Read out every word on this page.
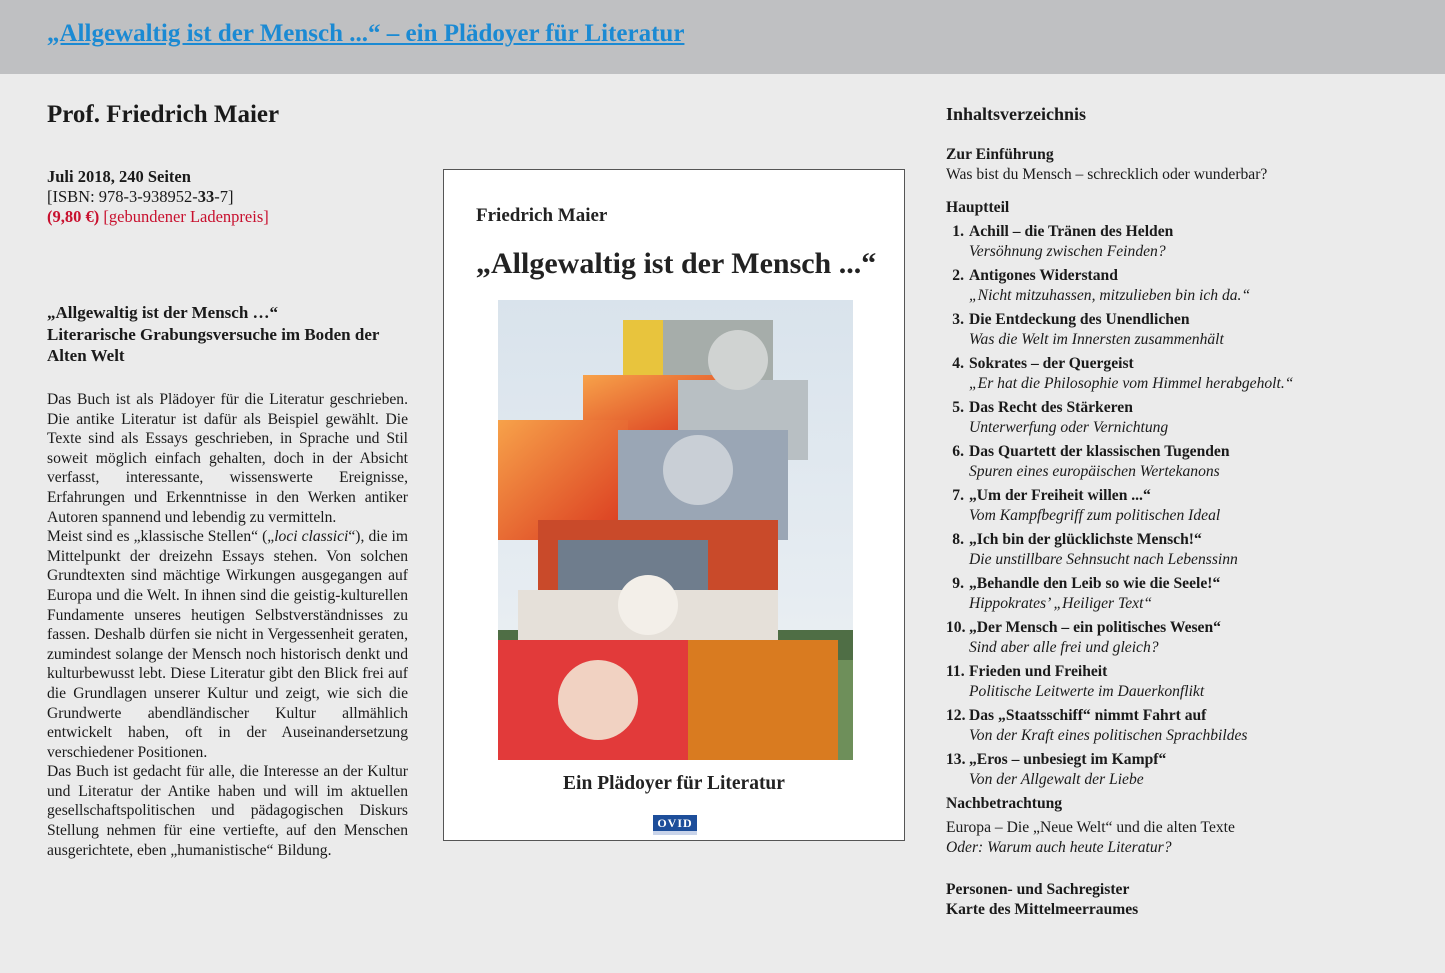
„Allgewaltig ist der Mensch ...“ – ein Plädoyer für Literatur
Prof. Friedrich Maier
Juli 2018, 240 Seiten
[ISBN: 978-3-938952-33-7]
(9,80 €) [gebundener Ladenpreis]
„Allgewaltig ist der Mensch …“
Literarische Grabungsversuche im Boden der
Alten Welt

Das Buch ist als Plädoyer für die Literatur geschrieben. Die antike Literatur ist dafür als Beispiel gewählt. Die Texte sind als Essays geschrieben, in Sprache und Stil soweit möglich einfach gehalten, doch in der Absicht verfasst, interessante, wissenswerte Ereignisse, Erfahrungen und Erkenntnisse in den Werken antiker Autoren spannend und lebendig zu vermitteln.

Meist sind es „klassische Stellen“ („loci classici“), die im Mittelpunkt der dreizehn Essays stehen. Von solchen Grundtexten sind mächtige Wirkungen ausgegangen auf Europa und die Welt. In ihnen sind die geistig-kulturellen Fundamente unseres heutigen Selbstverständnisses zu fassen. Deshalb dürfen sie nicht in Vergessenheit geraten, zumindest solange der Mensch noch historisch denkt und kulturbewusst lebt. Diese Literatur gibt den Blick frei auf die Grundlagen unserer Kultur und zeigt, wie sich die Grundwerte abendländischer Kultur allmählich entwickelt haben, oft in der Auseinandersetzung verschiedener Positionen.

Das Buch ist gedacht für alle, die Interesse an der Kultur und Literatur der Antike haben und will im aktuellen gesellschaftspolitischen und pädagogischen Diskurs Stellung nehmen für eine vertiefte, auf den Menschen ausgerichtete, eben „humanistische“ Bildung.

Friedrich Maier
„Allgewaltig ist der Mensch ...“
Ein Plädoyer für Literatur
OVID
Inhaltsverzeichnis
Zur Einführung
Was bist du Mensch – schrecklich oder wunderbar?
Hauptteil
1. Achill – die Tränen des Helden
Versöhnung zwischen Feinden?
2. Antigones Widerstand
„Nicht mitzuhassen, mitzulieben bin ich da.“
3. Die Entdeckung des Unendlichen
Was die Welt im Innersten zusammenhält
4. Sokrates – der Quergeist
„Er hat die Philosophie vom Himmel herabgeholt.“
5. Das Recht des Stärkeren
Unterwerfung oder Vernichtung
6. Das Quartett der klassischen Tugenden
Spuren eines europäischen Wertekanons
7. „Um der Freiheit willen ...“
Vom Kampfbegriff zum politischen Ideal
8. „Ich bin der glücklichste Mensch!“
Die unstillbare Sehnsucht nach Lebenssinn
9. „Behandle den Leib so wie die Seele!“
Hippokrates’ „Heiliger Text“
10. „Der Mensch – ein politisches Wesen“
Sind aber alle frei und gleich?
11. Frieden und Freiheit
Politische Leitwerte im Dauerkonflikt
12. Das „Staatsschiff“ nimmt Fahrt auf
Von der Kraft eines politischen Sprachbildes
13. „Eros – unbesiegt im Kampf“
Von der Allgewalt der Liebe
Nachbetrachtung
Europa – Die „Neue Welt“ und die alten Texte
Oder: Warum auch heute Literatur?
Personen- und Sachregister
Karte des Mittelmeerraumes
